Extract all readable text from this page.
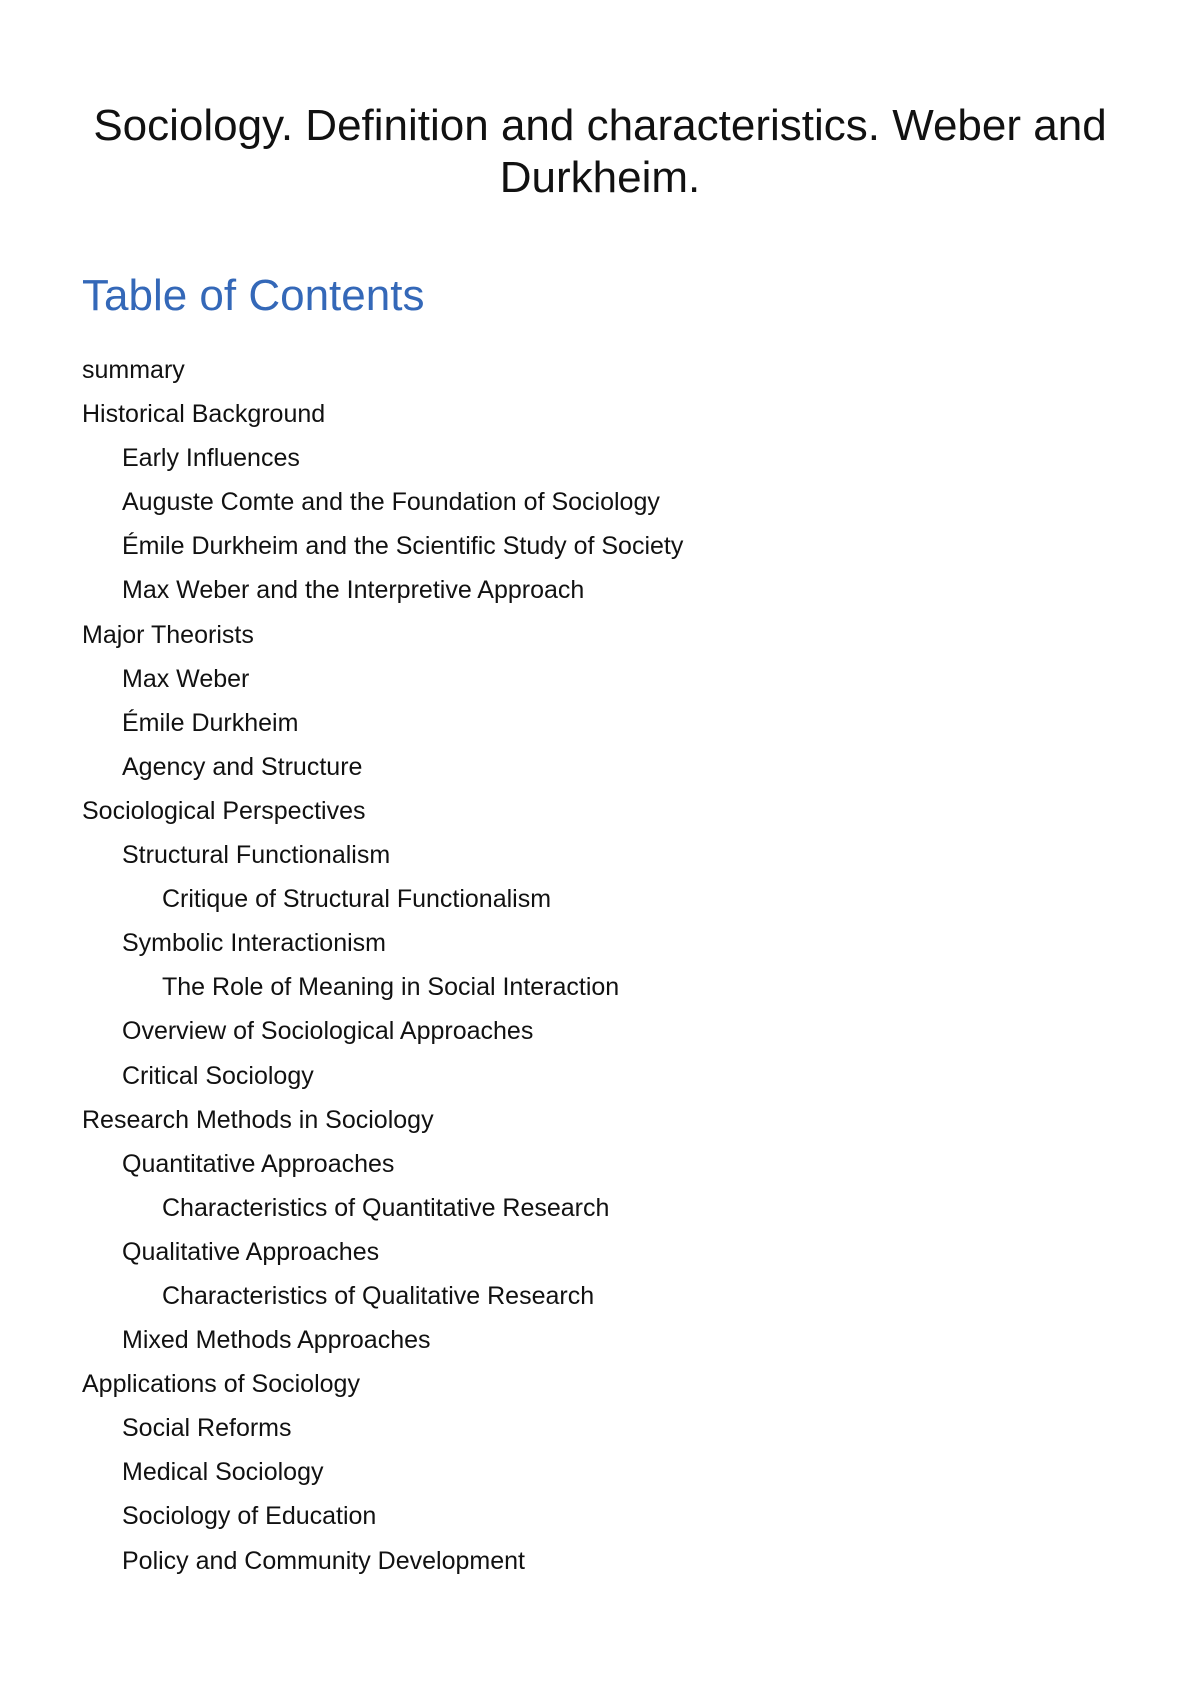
Sociology. Definition and characteristics. Weber and Durkheim.
Table of Contents
summary
Historical Background
Early Influences
Auguste Comte and the Foundation of Sociology
Émile Durkheim and the Scientific Study of Society
Max Weber and the Interpretive Approach
Major Theorists
Max Weber
Émile Durkheim
Agency and Structure
Sociological Perspectives
Structural Functionalism
Critique of Structural Functionalism
Symbolic Interactionism
The Role of Meaning in Social Interaction
Overview of Sociological Approaches
Critical Sociology
Research Methods in Sociology
Quantitative Approaches
Characteristics of Quantitative Research
Qualitative Approaches
Characteristics of Qualitative Research
Mixed Methods Approaches
Applications of Sociology
Social Reforms
Medical Sociology
Sociology of Education
Policy and Community Development
